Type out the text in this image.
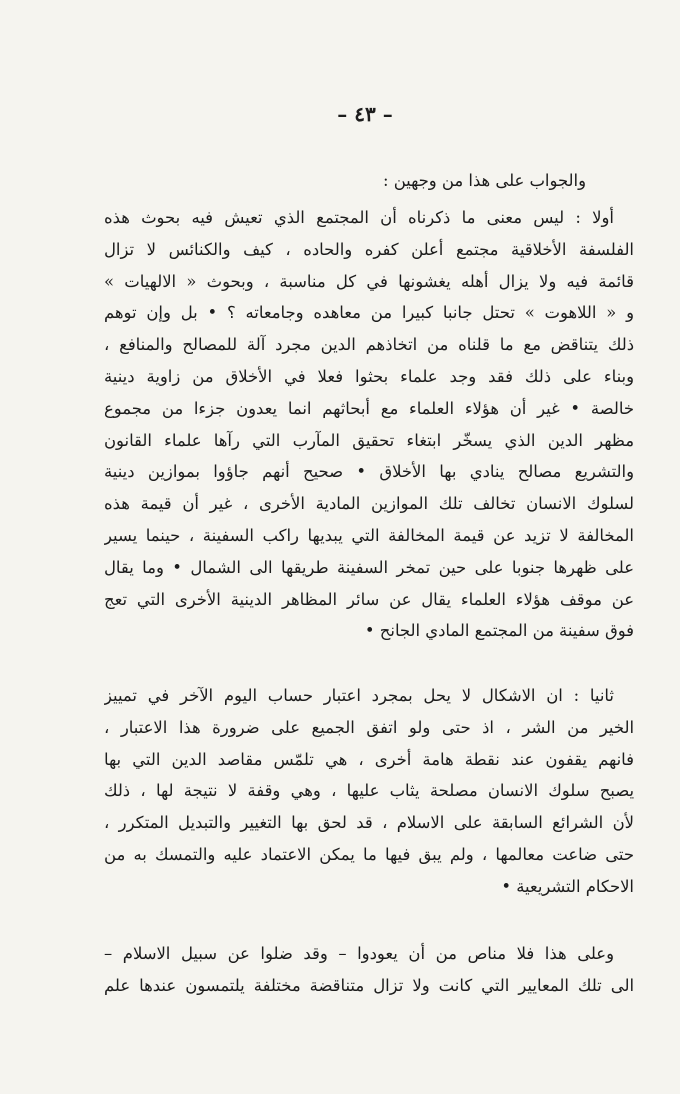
– ٤٣ –
والجواب على هذا من وجهين :
أولا : ليس معنى ما ذكرناه أن المجتمع الذي تعيش فيه بحوث هذه
الفلسفة الأخلاقية مجتمع أعلن كفره والحاده ، كيف والكنائس لا تزال
قائمة فيه ولا يزال أهله يغشونها في كل مناسبة ، وبحوث « الالهيات »
و « اللاهوت » تحتل جانبا كبيرا من معاهده وجامعاته ؟ • بل وإن توهم
ذلك يتناقض مع ما قلناه من اتخاذهم الدين مجرد آلة للمصالح والمنافع ،
وبناء على ذلك فقد وجد علماء بحثوا فعلا في الأخلاق من زاوية دينية
خالصة • غير أن هؤلاء العلماء مع أبحاثهم انما يعدون جزءا من مجموع
مظهر الدين الذي يسخّر ابتغاء تحقيق المآرب التي رآها علماء القانون
والتشريع مصالح ينادي بها الأخلاق • صحيح أنهم جاؤوا بموازين دينية
لسلوك الانسان تخالف تلك الموازين المادية الأخرى ، غير أن قيمة هذه
المخالفة لا تزيد عن قيمة المخالفة التي يبديها راكب السفينة ، حينما يسير
على ظهرها جنوبا على حين تمخر السفينة طريقها الى الشمال • وما يقال
عن موقف هؤلاء العلماء يقال عن سائر المظاهر الدينية الأخرى التي تعج
فوق سفينة من المجتمع المادي الجانح •
ثانيا : ان الاشكال لا يحل بمجرد اعتبار حساب اليوم الآخر في تمييز
الخير من الشر ، اذ حتى ولو اتفق الجميع على ضرورة هذا الاعتبار ،
فانهم يقفون عند نقطة هامة أخرى ، هي تلمّس مقاصد الدين التي بها
يصبح سلوك الانسان مصلحة يثاب عليها ، وهي وقفة لا نتيجة لها ، ذلك
لأن الشرائع السابقة على الاسلام ، قد لحق بها التغيير والتبديل المتكرر ،
حتى ضاعت معالمها ، ولم يبق فيها ما يمكن الاعتماد عليه والتمسك به من
الاحكام التشريعية •
وعلى هذا فلا مناص من أن يعودوا – وقد ضلوا عن سبيل الاسلام –
الى تلك المعايير التي كانت ولا تزال متناقضة مختلفة يلتمسون عندها علم
